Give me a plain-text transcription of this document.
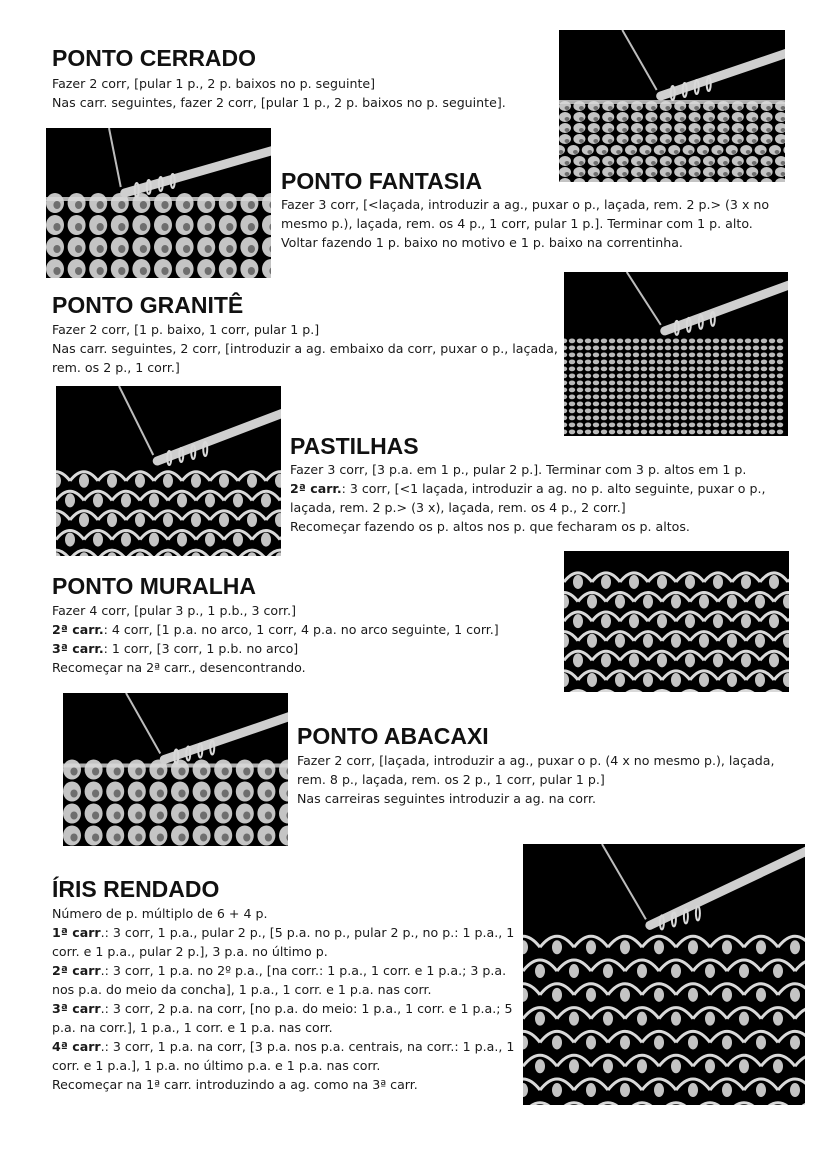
PONTO CERRADO
Fazer 2 corr, [pular 1 p., 2 p. baixos no p. seguinte]
Nas carr. seguintes, fazer 2 corr, [pular 1 p., 2 p. baixos no p. seguinte].
PONTO FANTASIA
Fazer 3 corr, [<laçada, introduzir a ag., puxar o p., laçada, rem. 2 p.> (3 x no
mesmo p.), laçada, rem. os 4 p., 1 corr, pular 1 p.]. Terminar com 1 p. alto.
Voltar fazendo 1 p. baixo no motivo e 1 p. baixo na correntinha.
PONTO GRANITÊ
Fazer 2 corr, [1 p. baixo, 1 corr, pular 1 p.]
Nas carr. seguintes, 2 corr, [introduzir a ag. embaixo da corr, puxar o p., laçada,
rem. os 2 p., 1 corr.]
PASTILHAS
Fazer 3 corr, [3 p.a. em 1 p., pular 2 p.]. Terminar com 3 p. altos em 1 p.
2ª carr.: 3 corr, [<1 laçada, introduzir a ag. no p. alto seguinte, puxar o p.,
laçada, rem. 2 p.> (3 x), laçada, rem. os 4 p., 2 corr.]
Recomeçar fazendo os p. altos nos p. que fecharam os p. altos.
PONTO MURALHA
Fazer 4 corr, [pular 3 p., 1 p.b., 3 corr.]
2ª carr.: 4 corr, [1 p.a. no arco, 1 corr, 4 p.a. no arco seguinte, 1 corr.]
3ª carr.: 1 corr, [3 corr, 1 p.b. no arco]
Recomeçar na 2ª carr., desencontrando.
PONTO ABACAXI
Fazer 2 corr, [laçada, introduzir a ag., puxar o p. (4 x no mesmo p.), laçada,
rem. 8 p., laçada, rem. os 2 p., 1 corr, pular 1 p.]
Nas carreiras seguintes introduzir a ag. na corr.
ÍRIS RENDADO
Número de p. múltiplo de 6 + 4 p.
1ª carr.: 3 corr, 1 p.a., pular 2 p., [5 p.a. no p., pular 2 p., no p.: 1 p.a., 1
corr. e 1 p.a., pular 2 p.], 3 p.a. no último p.
2ª carr.: 3 corr, 1 p.a. no 2º p.a., [na corr.: 1 p.a., 1 corr. e 1 p.a.; 3 p.a.
nos p.a. do meio da concha], 1 p.a., 1 corr. e 1 p.a. nas corr.
3ª carr.: 3 corr, 2 p.a. na corr, [no p.a. do meio: 1 p.a., 1 corr. e 1 p.a.; 5
p.a. na corr.], 1 p.a., 1 corr. e 1 p.a. nas corr.
4ª carr.: 3 corr, 1 p.a. na corr, [3 p.a. nos p.a. centrais, na corr.: 1 p.a., 1
corr. e 1 p.a.], 1 p.a. no último p.a. e 1 p.a. nas corr.
Recomeçar na 1ª carr. introduzindo a ag. como na 3ª carr.
